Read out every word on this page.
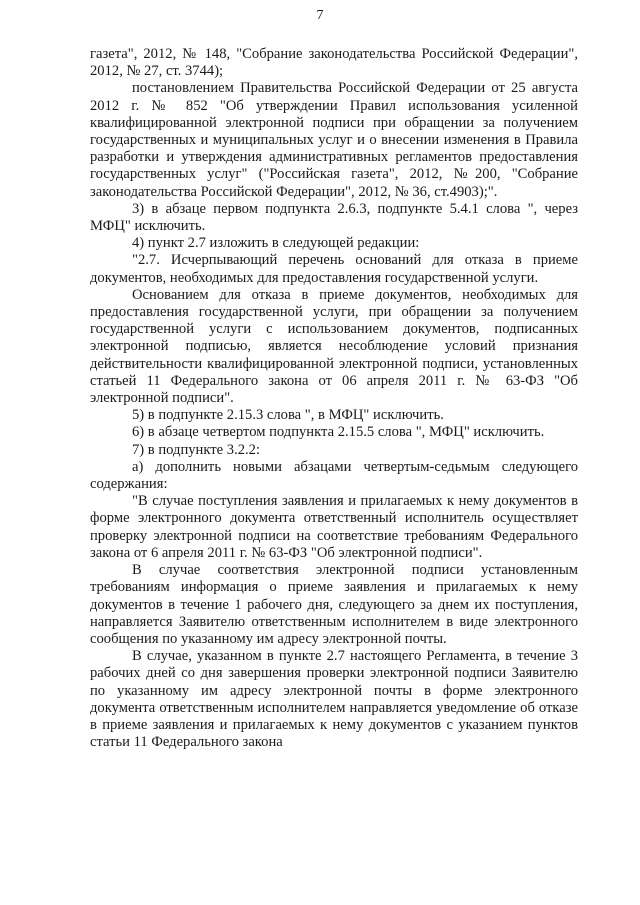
7

газета", 2012, № 148, "Собрание законодательства Российской Федерации", 2012, № 27, ст. 3744);

постановлением Правительства Российской Федерации от 25 августа 2012 г. № 852 "Об утверждении Правил использования усиленной квалифицированной электронной подписи при обращении за получением государственных и муниципальных услуг и о внесении изменения в Правила разработки и утверждения административных регламентов предоставления государственных услуг" ("Российская газета", 2012, №200, "Собрание законодательства Российской Федерации", 2012, № 36, ст.4903);".

3) в абзаце первом подпункта 2.6.3, подпункте 5.4.1 слова ", через МФЦ" исключить.

4) пункт 2.7 изложить в следующей редакции:

"2.7. Исчерпывающий перечень оснований для отказа в приеме документов, необходимых для предоставления государственной услуги.

Основанием для отказа в приеме документов, необходимых для предоставления государственной услуги, при обращении за получением государственной услуги с использованием документов, подписанных электронной подписью, является несоблюдение условий признания действительности квалифицированной электронной подписи, установленных статьей 11 Федерального закона от 06 апреля 2011 г. № 63-ФЗ "Об электронной подписи".

5) в подпункте 2.15.3 слова ", в МФЦ" исключить.

6) в абзаце четвертом подпункта 2.15.5 слова ", МФЦ" исключить.

7) в подпункте 3.2.2:

а) дополнить новыми абзацами четвертым-седьмым следующего содержания:

"В случае поступления заявления и прилагаемых к нему документов в форме электронного документа ответственный исполнитель осуществляет проверку электронной подписи на соответствие требованиям Федерального закона от 6 апреля 2011 г. № 63-ФЗ "Об электронной подписи".

В случае соответствия электронной подписи установленным требованиям информация о приеме заявления и прилагаемых к нему документов в течение 1 рабочего дня, следующего за днем их поступления, направляется Заявителю ответственным исполнителем в виде электронного сообщения по указанному им адресу электронной почты.

В случае, указанном в пункте 2.7 настоящего Регламента, в течение 3 рабочих дней со дня завершения проверки электронной подписи Заявителю по указанному им адресу электронной почты в форме электронного документа ответственным исполнителем направляется уведомление об отказе в приеме заявления и прилагаемых к нему документов с указанием пунктов статьи 11 Федерального закона
